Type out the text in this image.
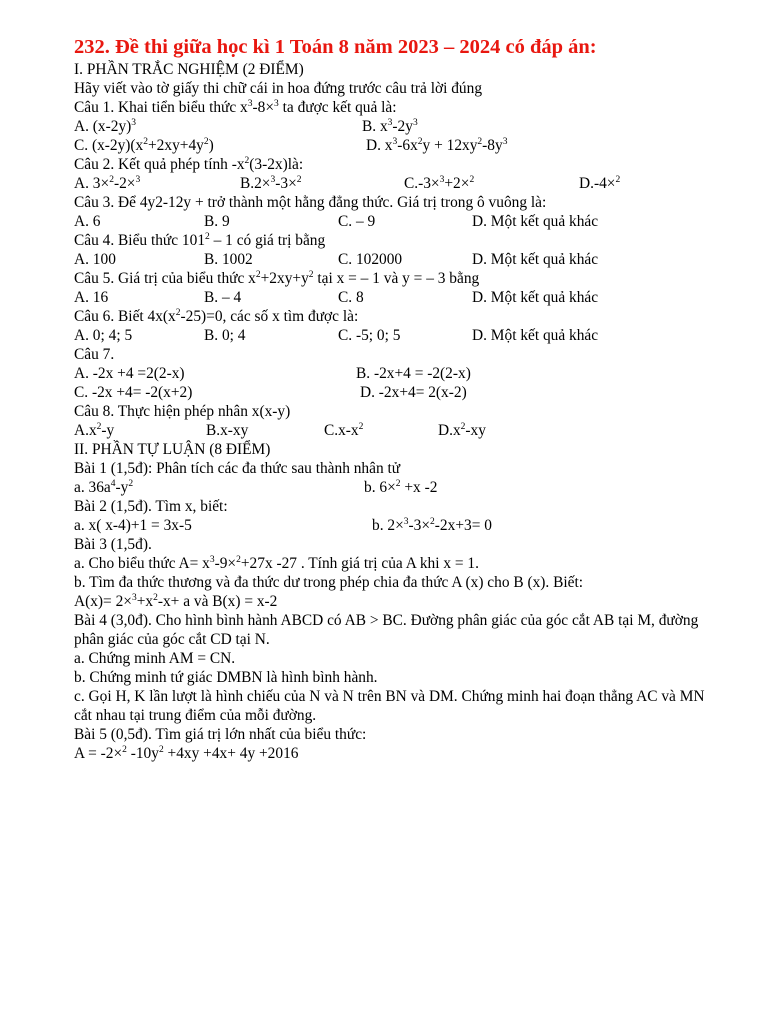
232. Đề thi giữa học kì 1 Toán 8 năm 2023 – 2024 có đáp án:
I. PHẦN TRẮC NGHIỆM (2 ĐIỂM)
Hãy viết vào tờ giấy thi chữ cái in hoa đứng trước câu trả lời đúng
Câu 1. Khai tiển biểu thức $x^3-8\times^3$ ta được kết quả là:
A. $(x-2y)^3$	B. $x^3-2y^3$
C. $(x-2y)(x^2+2xy+4y^2)$	D. $x^3-6x^2y + 12xy^2-8y^3$
Câu 2. Kết quả phép tính $-x^2(3-2x)là$:
A. 3×$^2$-2×$^3$	B.2×$^3$-3×$^2$	C.-3×$^3$+2×$^2$	D.-4×$^2$
Câu 3. Để 4y2-12y + trở thành một hằng đẳng thức. Giá trị trong ô vuông là:
A. 6	B. 9	C. – 9	D. Một kết quả khác
Câu 4. Biểu thức $101^2 - 1$ có giá trị bằng
A. 100	B. 1002	C. 102000	D. Một kết quả khác
Câu 5. Giá trị của biểu thức $x^2+2xy+y^2$ tại x = – 1 và y = – 3 bằng
A. 16	B. – 4	C. 8	D. Một kết quả khác
Câu 6. Biết $4x(x^2-25)=0$, các số x tìm được là:
A. 0; 4; 5	B. 0; 4	C. -5; 0; 5	D. Một kết quả khác
Câu 7.
A. -2x +4 =2(2-x)	B. -2x+4 = -2(2-x)
C. -2x +4= -2(x+2)	D. -2x+4= 2(x-2)
Câu 8. Thực hiện phép nhân x(x-y)
$A.x^2-y$	B.x-xy	$C.x-x^2$	$D.x^2-xy$
II. PHẦN TỰ LUẬN (8 ĐIỂM)
Bài 1 (1,5đ): Phân tích các đa thức sau thành nhân tử
a. $36a^4-y^2$	b. 6×$^2$ +x -2
Bài 2 (1,5đ). Tìm x, biết:
a. x( x-4)+1 = 3x-5	b. 2×$^3$-3×$^2$-2x+3= 0
Bài 3 (1,5đ).
a. Cho biểu thức $A= x^3-9\times^2+27x$ -27 . Tính giá trị của A khi x = 1.
b. Tìm đa thức thương và đa thức dư trong phép chia đa thức A (x) cho B (x). Biết:
$A(x)= 2\times^3+x^2-x+ a$ và B(x) = x-2
Bài 4 (3,0đ). Cho hình bình hành ABCD có AB > BC. Đường phân giác của góc cắt AB tại M, đường phân giác của góc cắt CD tại N.
a. Chứng minh AM = CN.
b. Chứng minh tứ giác DMBN là hình bình hành.
c. Gọi H, K lần lượt là hình chiếu của N và N trên BN và DM. Chứng minh hai đoạn thẳng AC và MN cắt nhau tại trung điểm của mỗi đường.
Bài 5 (0,5đ). Tìm giá trị lớn nhất của biểu thức:
A = -2×$^2$ $-10y^2 +4xy +4x+ 4y +2016$
